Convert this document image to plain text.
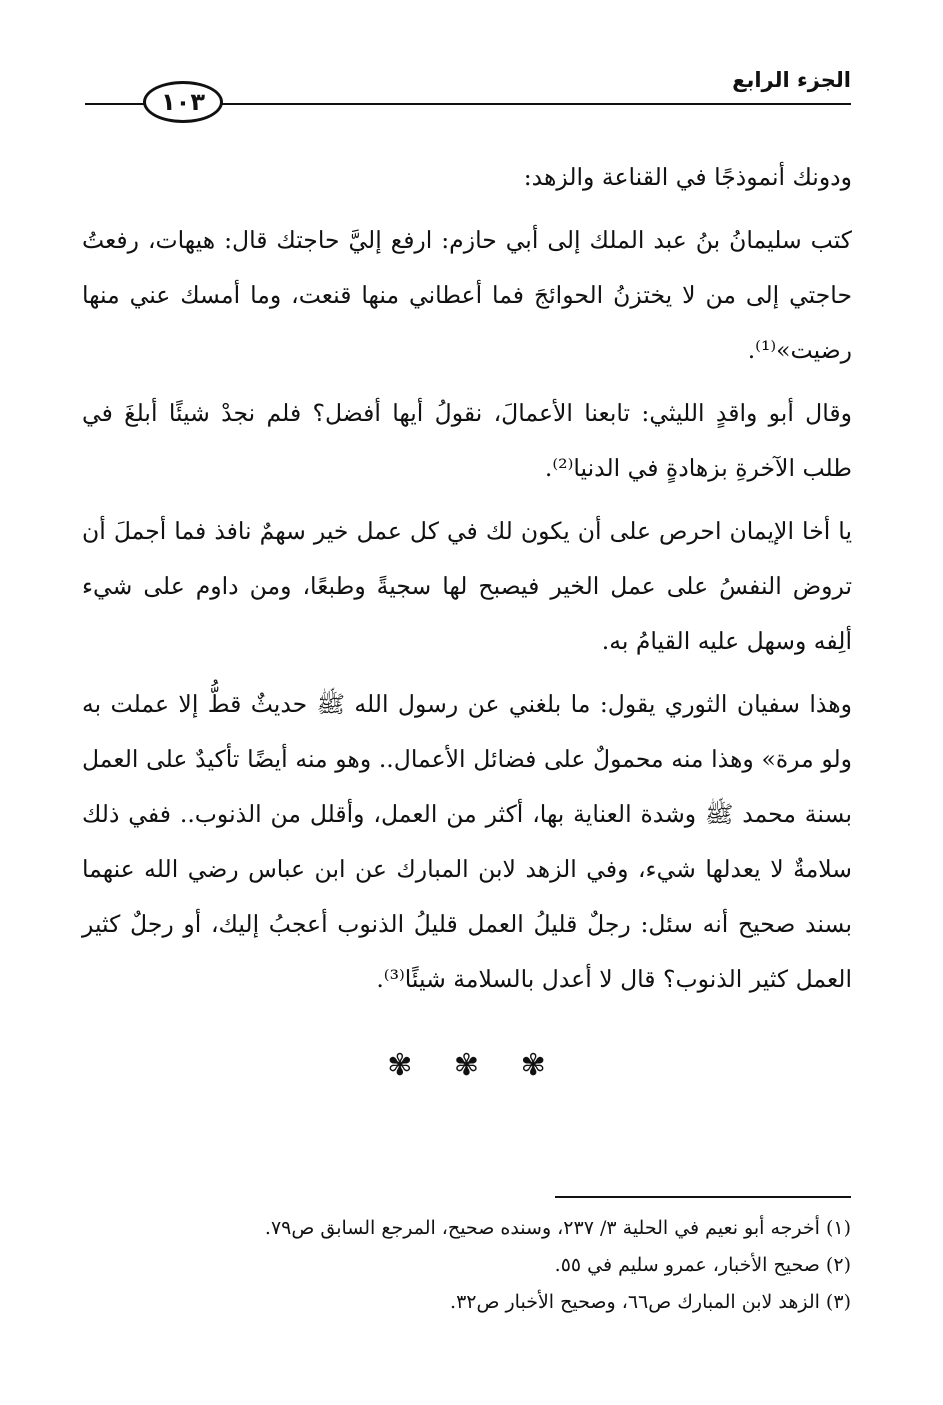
الجزء الرابع
١٠٣

ودونك أنموذجًا في القناعة والزهد:

كتب سليمانُ بنُ عبد الملك إلى أبي حازم: ارفع إليَّ حاجتك قال: هيهات، رفعتُ حاجتي إلى من لا يختزنُ الحوائجَ فما أعطاني منها قنعت، وما أمسك عني منها رضيت»⁽¹⁾.

وقال أبو واقدٍ الليثي: تابعنا الأعمالَ، نقولُ أيها أفضل؟ فلم نجدْ شيئًا أبلغَ في طلب الآخرةِ بزهادةٍ في الدنيا⁽²⁾.

يا أخا الإيمان احرص على أن يكون لك في كل عمل خير سهمٌ نافذ فما أجملَ أن تروض النفسُ على عمل الخير فيصبح لها سجيةً وطبعًا، ومن داوم على شيء ألِفه وسهل عليه القيامُ به.

وهذا سفيان الثوري يقول: ما بلغني عن رسول الله ﷺ حديثٌ قطُّ إلا عملت به ولو مرة» وهذا منه محمولٌ على فضائل الأعمال.. وهو منه أيضًا تأكيدٌ على العمل بسنة محمد ﷺ وشدة العناية بها، أكثر من العمل، وأقلل من الذنوب.. ففي ذلك سلامةٌ لا يعدلها شيء، وفي الزهد لابن المبارك عن ابن عباس رضي الله عنهما بسند صحيح أنه سئل: رجلٌ قليلُ العمل قليلُ الذنوب أعجبُ إليك، أو رجلٌ كثير العمل كثير الذنوب؟ قال لا أعدل بالسلامة شيئًا⁽³⁾.

✾ ✾ ✾
(١) أخرجه أبو نعيم في الحلية ٣/ ٢٣٧، وسنده صحيح، المرجع السابق ص٧٩.
(٢) صحيح الأخبار، عمرو سليم في ٥٥.
(٣) الزهد لابن المبارك ص٦٦، وصحيح الأخبار ص٣٢.
